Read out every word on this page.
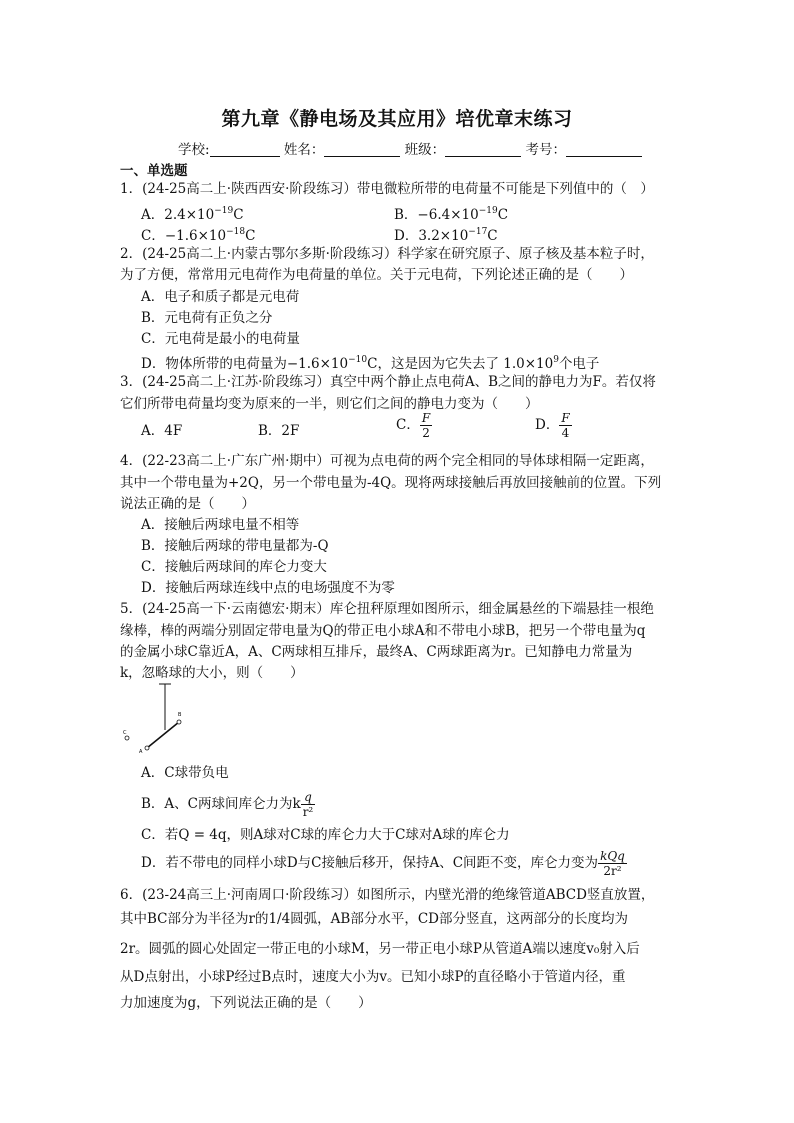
第九章《静电场及其应用》培优章末练习
学校:	姓名：	班级：	考号：
一、单选题
1．(24-25高二上·陕西西安·阶段练习）带电微粒所带的电荷量不可能是下列值中的（　）
A．$2.4\times 10^{-19}C$	B．$-6.4\times 10^{-19}C$
C．$-1.6\times 10^{-18}C$	D．$3.2\times 10^{-17}C$
2．(24-25高二上·内蒙古鄂尔多斯·阶段练习）科学家在研究原子、原子核及基本粒子时，
为了方便，常常用元电荷作为电荷量的单位。关于元电荷，下列论述正确的是（　　）
A．电子和质子都是元电荷
B．元电荷有正负之分
C．元电荷是最小的电荷量
D．物体所带的电荷量为$-1.6\times 10^{-10}C$，这是因为它失去了 $1.0\times 10^9$个电子
3．(24-25高二上·江苏·阶段练习）真空中两个静止点电荷A、B之间的静电力为F。若仅将
它们所带电荷量均变为原来的一半，则它们之间的静电力变为（　　）
A．4F	B．2F	C． $\frac{F}{2}$	D． $\frac{F}{4}$
4．(22-23高二上·广东广州·期中）可视为点电荷的两个完全相同的导体球相隔一定距离，
其中一个带电量为+2Q，另一个带电量为-4Q。现将两球接触后再放回接触前的位置。下列
说法正确的是（　　）
A．接触后两球电量不相等
B．接触后两球的带电量都为-Q
C．接触后两球间的库仑力变大
D．接触后两球连线中点的电场强度不为零
5．(24-25高一下·云南德宏·期末）库仑扭秤原理如图所示，细金属悬丝的下端悬挂一根绝
缘棒，棒的两端分别固定带电量为Q的带正电小球A和不带电小球B，把另一个带电量为q
的金属小球C靠近A，A、C两球相互排斥，最终A、C两球距离为r。已知静电力常量为
k，忽略球的大小，则（　　）
A
B
C
A．C球带负电
B．A、C两球间库仑力为k $\frac{q}{\text{r²}}$
C．若Q = 4q，则A球对C球的库仑力大于C球对A球的库仑力
D．若不带电的同样小球D与C接触后移开，保持A、C间距不变，库仑力变为 $\frac{\text{kQq}}{\text{2r²}}$
6．(23-24高三上·河南周口·阶段练习）如图所示，内壁光滑的绝缘管道ABCD竖直放置，
其中BC部分为半径为r的1/4圆弧，AB部分水平，CD部分竖直，这两部分的长度均为
2r。圆弧的圆心处固定一带正电的小球M，另一带正电小球P从管道A端以速度v₀射入后
从D点射出，小球P经过B点时，速度大小为v。已知小球P的直径略小于管道内径，重
力加速度为g，下列说法正确的是（　　）
